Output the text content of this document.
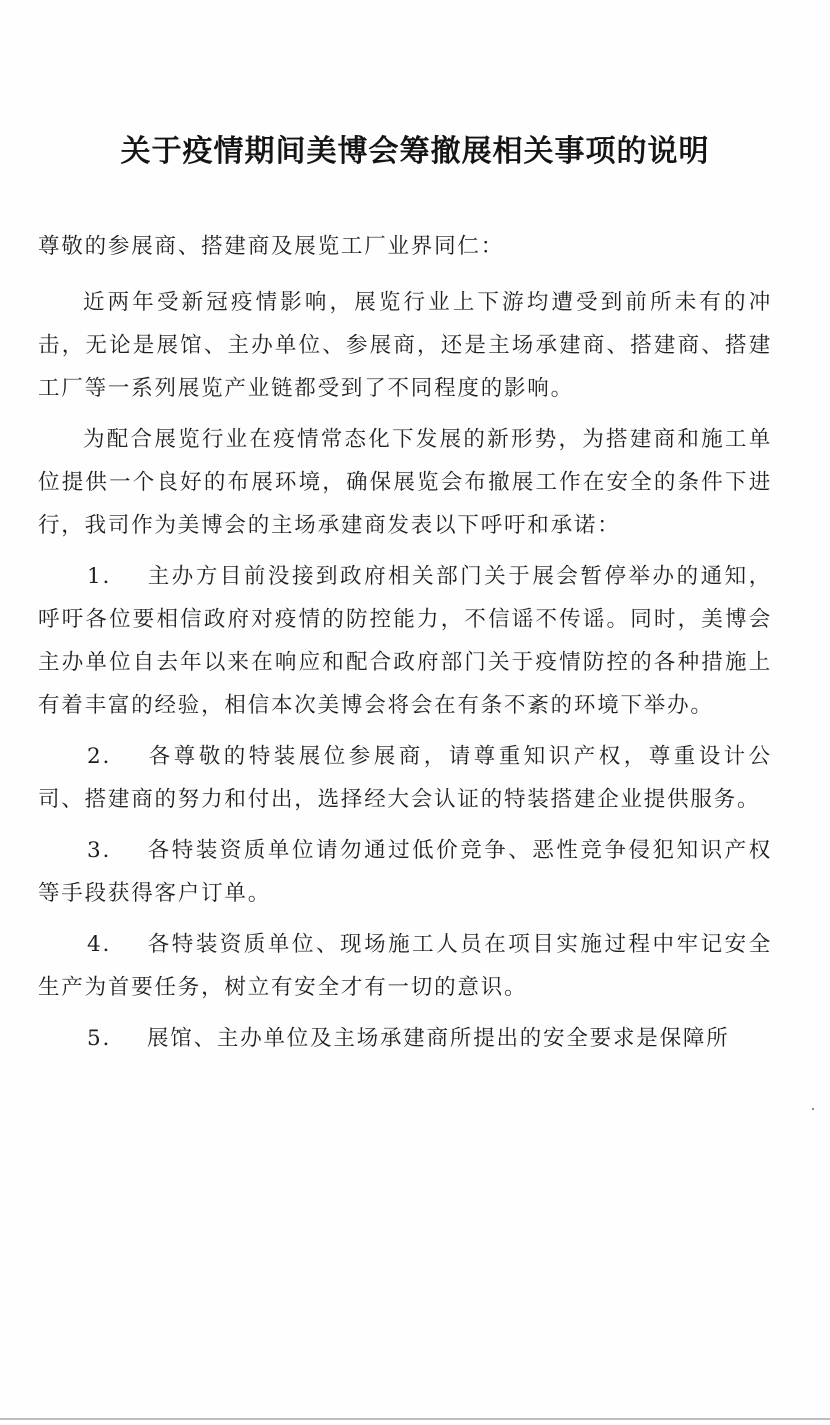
关于疫情期间美博会筹撤展相关事项的说明

尊敬的参展商、搭建商及展览工厂业界同仁：

近两年受新冠疫情影响，展览行业上下游均遭受到前所未有的冲击，无论是展馆、主办单位、参展商，还是主场承建商、搭建商、搭建工厂等一系列展览产业链都受到了不同程度的影响。

为配合展览行业在疫情常态化下发展的新形势，为搭建商和施工单位提供一个良好的布展环境，确保展览会布撤展工作在安全的条件下进行，我司作为美博会的主场承建商发表以下呼吁和承诺：

1. 主办方目前没接到政府相关部门关于展会暂停举办的通知，呼吁各位要相信政府对疫情的防控能力，不信谣不传谣。同时，美博会主办单位自去年以来在响应和配合政府部门关于疫情防控的各种措施上有着丰富的经验，相信本次美博会将会在有条不紊的环境下举办。

2. 各尊敬的特装展位参展商，请尊重知识产权，尊重设计公司、搭建商的努力和付出，选择经大会认证的特装搭建企业提供服务。

3. 各特装资质单位请勿通过低价竞争、恶性竞争侵犯知识产权等手段获得客户订单。

4. 各特装资质单位、现场施工人员在项目实施过程中牢记安全生产为首要任务，树立有安全才有一切的意识。

5. 展馆、主办单位及主场承建商所提出的安全要求是保障所
